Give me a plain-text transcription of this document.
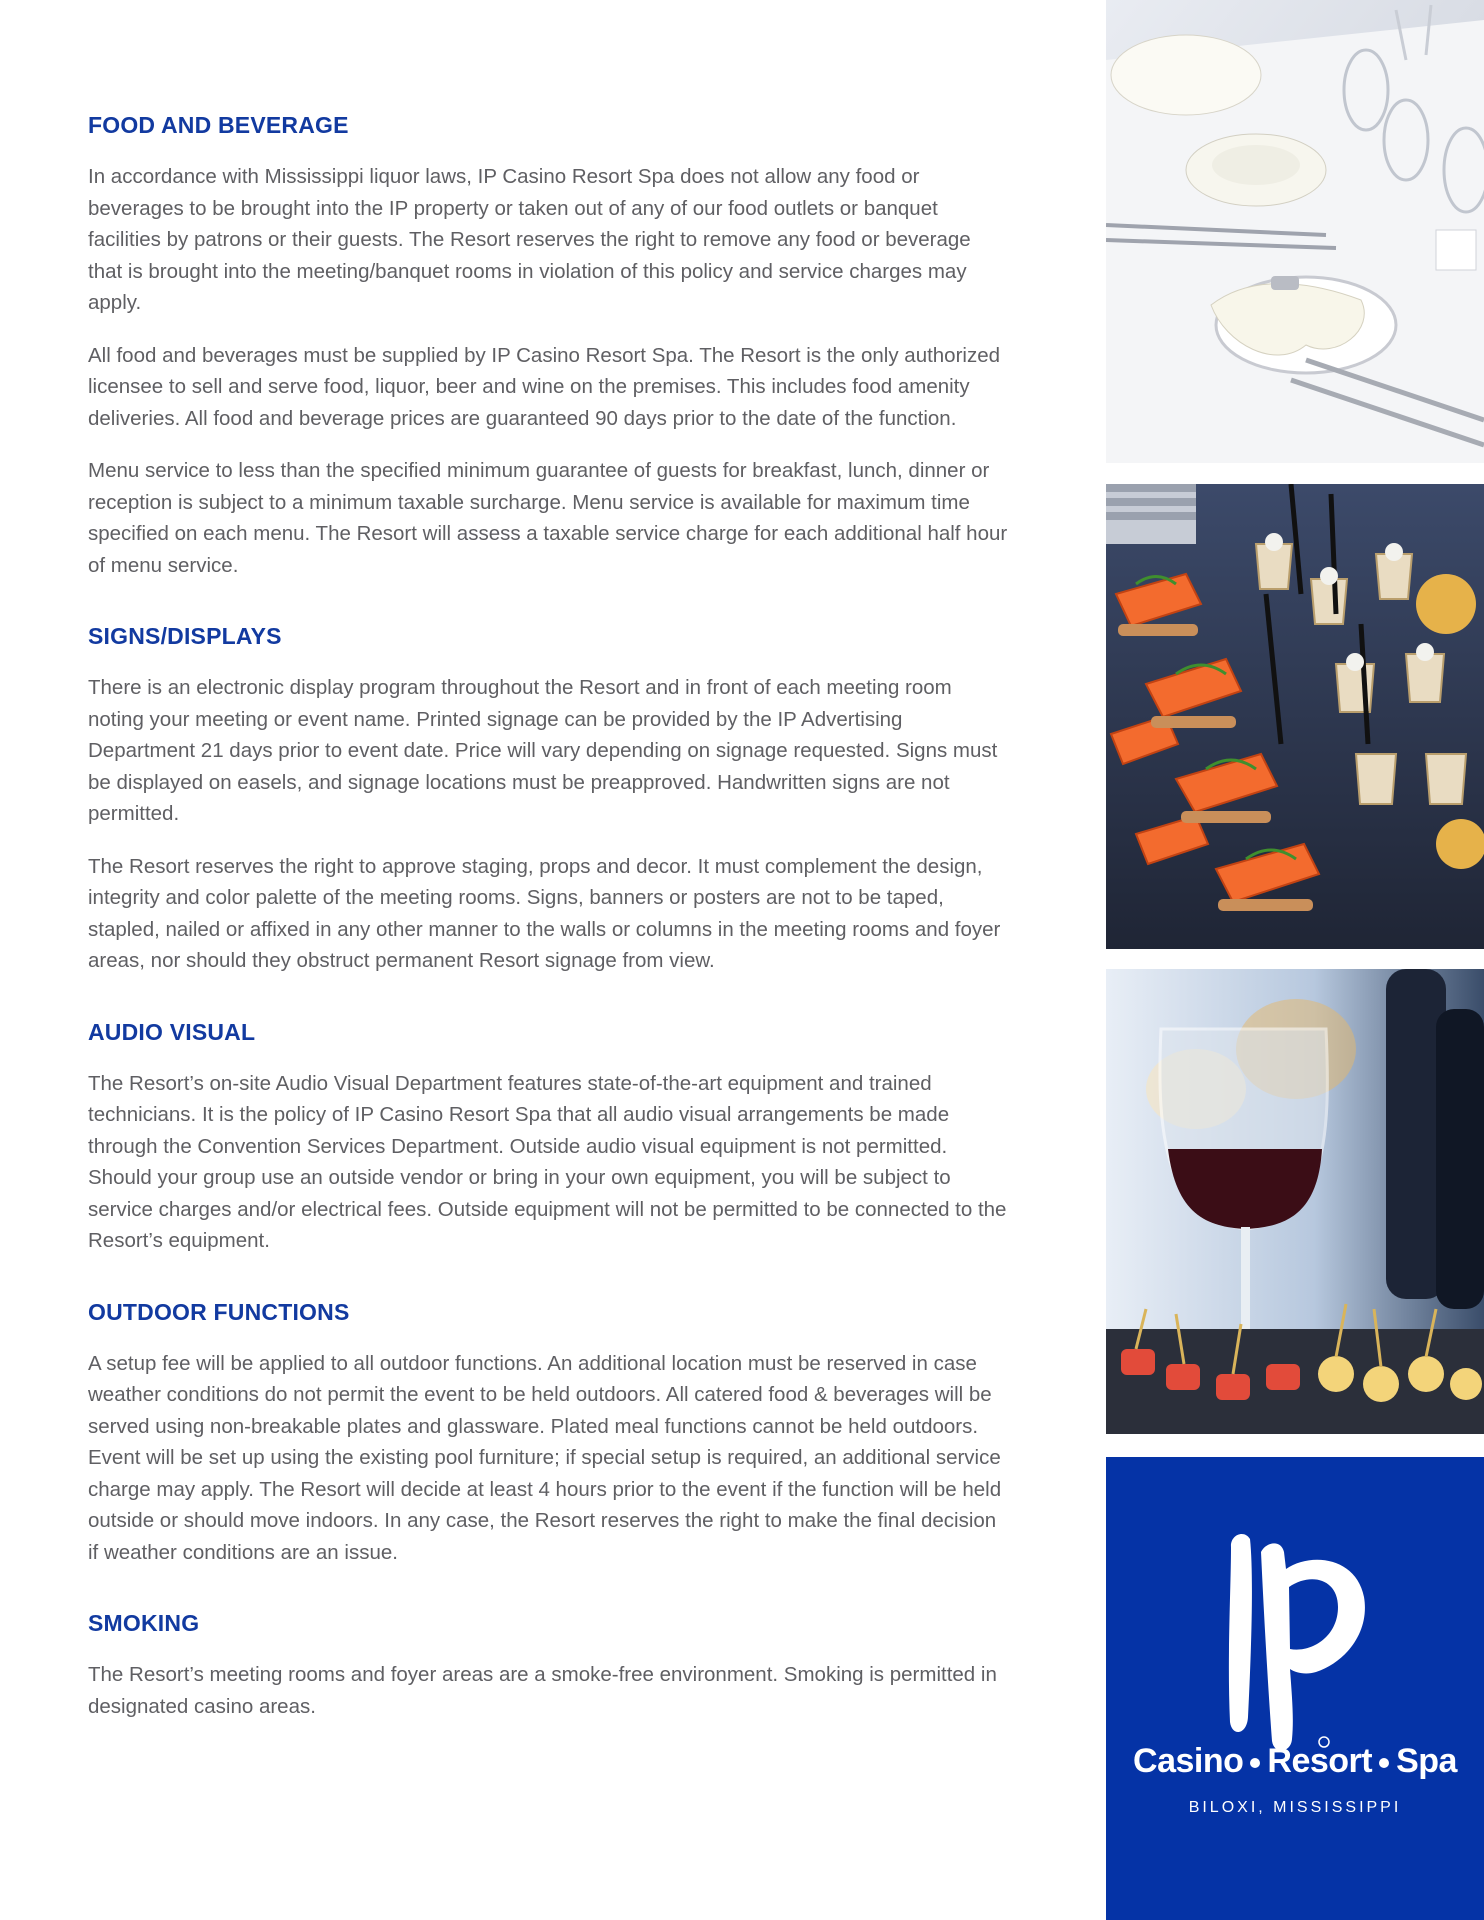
FOOD AND BEVERAGE

In accordance with Mississippi liquor laws, IP Casino Resort Spa does not allow any food or beverages to be brought into the IP property or taken out of any of our food outlets or banquet facilities by patrons or their guests. The Resort reserves the right to remove any food or beverage that is brought into the meeting/banquet rooms in violation of this policy and service charges may apply.

All food and beverages must be supplied by IP Casino Resort Spa. The Resort is the only authorized licensee to sell and serve food, liquor, beer and wine on the premises. This includes food amenity deliveries. All food and beverage prices are guaranteed 90 days prior to the date of the function.

Menu service to less than the specified minimum guarantee of guests for breakfast, lunch, dinner or reception is subject to a minimum taxable surcharge. Menu service is available for maximum time specified on each menu. The Resort will assess a taxable service charge for each additional half hour of menu service.

SIGNS/DISPLAYS

There is an electronic display program throughout the Resort and in front of each meeting room noting your meeting or event name. Printed signage can be provided by the IP Advertising Department 21 days prior to event date. Price will vary depending on signage requested. Signs must be displayed on easels, and signage locations must be preapproved. Handwritten signs are not permitted.

The Resort reserves the right to approve staging, props and decor. It must complement the design, integrity and color palette of the meeting rooms. Signs, banners or posters are not to be taped, stapled, nailed or affixed in any other manner to the walls or columns in the meeting rooms and foyer areas, nor should they obstruct permanent Resort signage from view.

AUDIO VISUAL

The Resort’s on-site Audio Visual Department features state-of-the-art equipment and trained technicians. It is the policy of IP Casino Resort Spa that all audio visual arrangements be made through the Convention Services Department. Outside audio visual equipment is not permitted. Should your group use an outside vendor or bring in your own equipment, you will be subject to service charges and/or electrical fees. Outside equipment will not be permitted to be connected to the Resort’s equipment.

OUTDOOR FUNCTIONS

A setup fee will be applied to all outdoor functions. An additional location must be reserved in case weather conditions do not permit the event to be held outdoors. All catered food & beverages will be served using non-breakable plates and glassware. Plated meal functions cannot be held outdoors. Event will be set up using the existing pool furniture; if special setup is required, an additional service charge may apply. The Resort will decide at least 4 hours prior to the event if the function will be held outside or should move indoors. In any case, the Resort reserves the right to make the final decision if weather conditions are an issue.

SMOKING

The Resort’s meeting rooms and foyer areas are a smoke-free environment. Smoking is permitted in designated casino areas.

Casino Resort Spa
BILOXI, MISSISSIPPI
